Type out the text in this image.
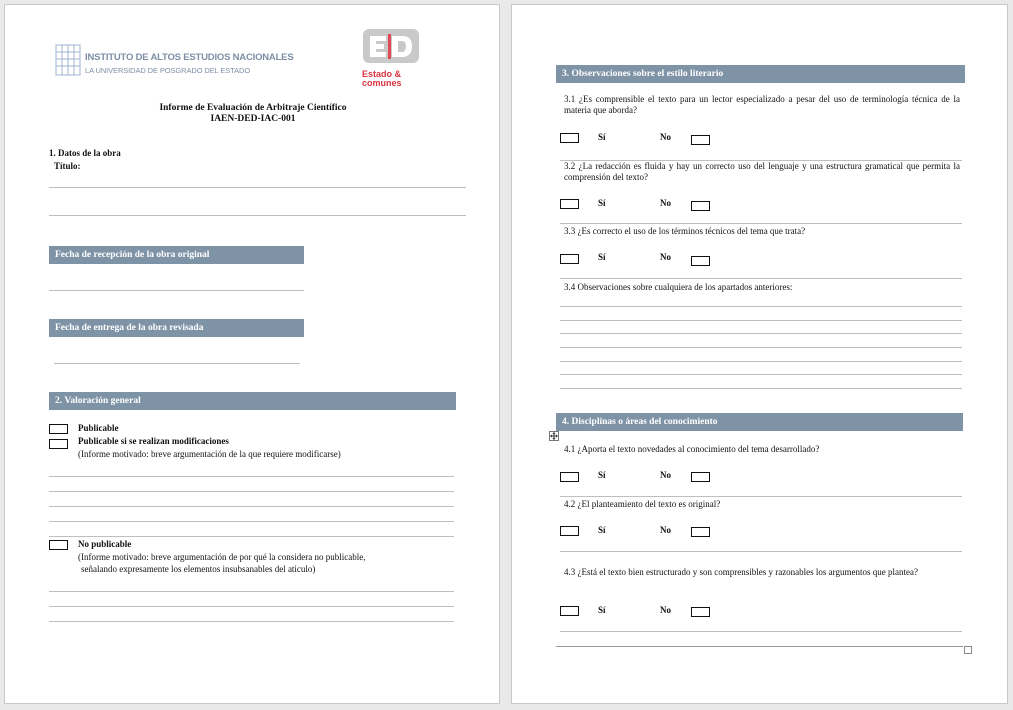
INSTITUTO DE ALTOS ESTUDIOS NACIONALES
LA UNIVERSIDAD DE POSGRADO DEL ESTADO	Estado & comunes
Informe de Evaluación de Arbitraje Científico
IAEN-DED-IAC-001
1. Datos de la obra
Título:
Fecha de recepción de la obra original
Fecha de entrega de la obra revisada
2. Valoración general
Publicable
Publicable si se realizan modificaciones
(Informe motivado: breve argumentación de la que requiere modificarse)
No publicable
(Informe motivado: breve argumentación de por qué la considera no publicable,
señalando expresamente los elementos insubsanables del aticulo)
3. Observaciones sobre el estilo literario
3.1 ¿Es comprensible el texto para un lector especializado a pesar del uso de terminología técnica de la materia que aborda?
Sí	No
3.2 ¿La redacción es fluida y hay un correcto uso del lenguaje y una estructura gramatical que permita la comprensión del texto?
Sí	No
3.3 ¿Es correcto el uso de los términos técnicos del tema que trata?
Sí	No
3.4 Observaciones sobre cualquiera de los apartados anteriores:
4. Disciplinas o áreas del conocimiento
4.1 ¿Aporta el texto novedades al conocimiento del tema desarrollado?
Sí	No
4.2 ¿El planteamiento del texto es original?
Sí	No
4.3 ¿Está el texto bien estructurado y son comprensibles y razonables los argumentos que plantea?
Sí	No
